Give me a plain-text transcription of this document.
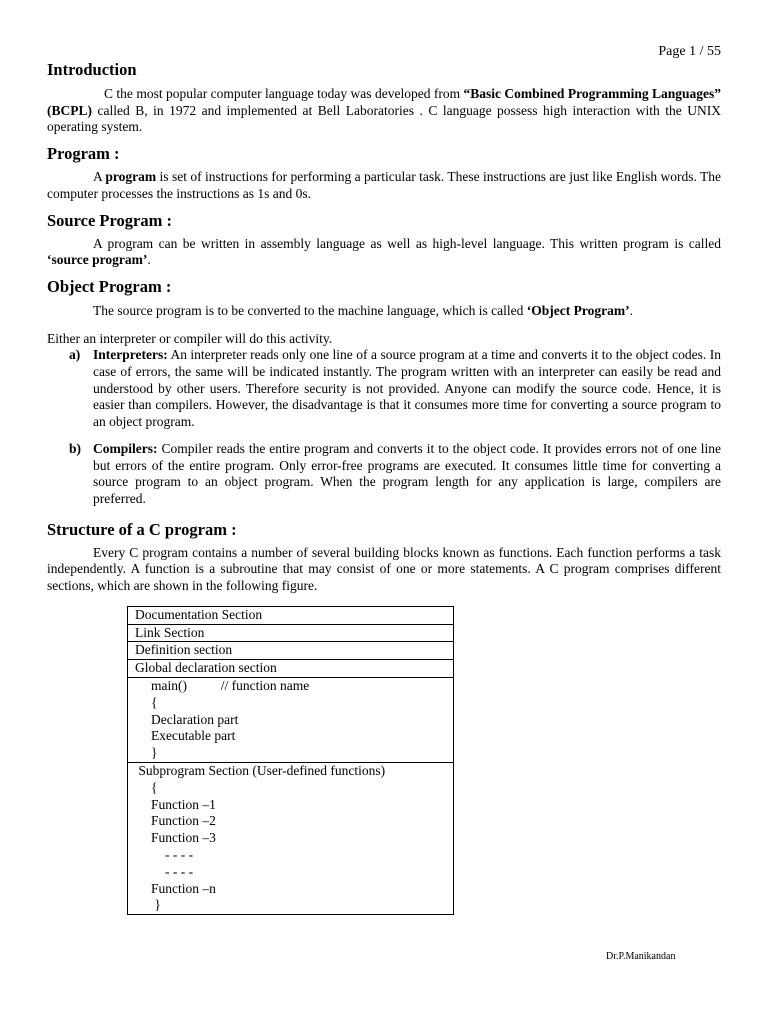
Page 1 / 55
Introduction

C the most popular computer language today was developed from “Basic Combined Programming Languages” (BCPL) called B, in 1972 and implemented at Bell Laboratories . C language possess high interaction with the UNIX operating system.

Program :

A program is set of instructions for performing a particular task. These instructions are just like English words. The computer processes the instructions as 1s and 0s.

Source Program :

A program can be written in assembly language as well as high-level language. This written program is called ‘source program’.

Object Program :

The source program is to be converted to the machine language, which is called ‘Object Program’.

Either an interpreter or compiler will do this activity.

a) Interpreters: An interpreter reads only one line of a source program at a time and converts it to the object codes. In case of errors, the same will be indicated instantly. The program written with an interpreter can easily be read and understood by other users. Therefore security is not provided. Anyone can modify the source code. Hence, it is easier than compilers. However, the disadvantage is that it consumes more time for converting a source program to an object program.
b) Compilers: Compiler reads the entire program and converts it to the object code. It provides errors not of one line but errors of the entire program. Only error-free programs are executed. It consumes little time for converting a source program to an object program. When the program length for any application is large, compilers are preferred.
Structure of a C program :

Every C program contains a number of several building blocks known as functions. Each function performs a task independently. A function is a subroutine that may consist of one or more statements. A C program comprises different sections, which are shown in the following figure.

Documentation Section
Link Section
Definition section
Global declaration section

main()          // function name
{
Declaration part
Executable part
}

Subprogram Section (User-defined functions)
{
Function –1
Function –2
Function –3
- - - -
- - - -
Function –n
}
Dr.P.Manikandan
